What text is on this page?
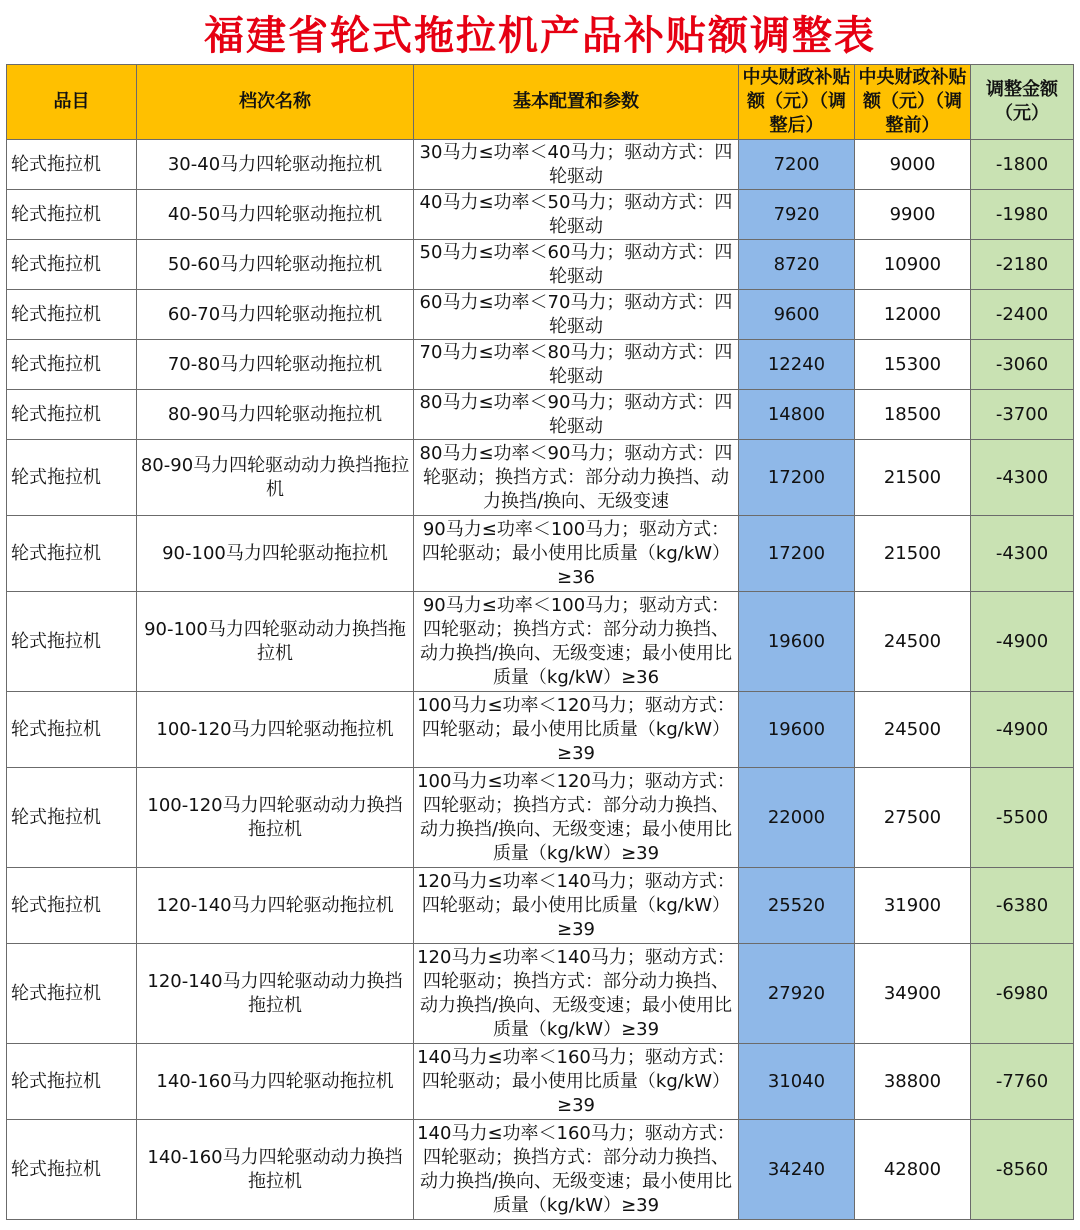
福建省轮式拖拉机产品补贴额调整表
品目	档次名称	基本配置和参数	中央财政补贴额（元）（调整后）	中央财政补贴额（元）（调整前）	调整金额（元）
轮式拖拉机	30-40马力四轮驱动拖拉机	30马力≤功率＜40马力；驱动方式：四轮驱动	7200	9000	-1800
轮式拖拉机	40-50马力四轮驱动拖拉机	40马力≤功率＜50马力；驱动方式：四轮驱动	7920	9900	-1980
轮式拖拉机	50-60马力四轮驱动拖拉机	50马力≤功率＜60马力；驱动方式：四轮驱动	8720	10900	-2180
轮式拖拉机	60-70马力四轮驱动拖拉机	60马力≤功率＜70马力；驱动方式：四轮驱动	9600	12000	-2400
轮式拖拉机	70-80马力四轮驱动拖拉机	70马力≤功率＜80马力；驱动方式：四轮驱动	12240	15300	-3060
轮式拖拉机	80-90马力四轮驱动拖拉机	80马力≤功率＜90马力；驱动方式：四轮驱动	14800	18500	-3700
轮式拖拉机	80-90马力四轮驱动动力换挡拖拉机	80马力≤功率＜90马力；驱动方式：四轮驱动；换挡方式：部分动力换挡、动力换挡/换向、无级变速	17200	21500	-4300
轮式拖拉机	90-100马力四轮驱动拖拉机	90马力≤功率＜100马力；驱动方式：四轮驱动；最小使用比质量（kg/kW）≥36	17200	21500	-4300
轮式拖拉机	90-100马力四轮驱动动力换挡拖拉机	90马力≤功率＜100马力；驱动方式：四轮驱动；换挡方式：部分动力换挡、动力换挡/换向、无级变速；最小使用比质量（kg/kW）≥36	19600	24500	-4900
轮式拖拉机	100-120马力四轮驱动拖拉机	100马力≤功率＜120马力；驱动方式：四轮驱动；最小使用比质量（kg/kW）≥39	19600	24500	-4900
轮式拖拉机	100-120马力四轮驱动动力换挡拖拉机	100马力≤功率＜120马力；驱动方式：四轮驱动；换挡方式：部分动力换挡、动力换挡/换向、无级变速；最小使用比质量（kg/kW）≥39	22000	27500	-5500
轮式拖拉机	120-140马力四轮驱动拖拉机	120马力≤功率＜140马力；驱动方式：四轮驱动；最小使用比质量（kg/kW）≥39	25520	31900	-6380
轮式拖拉机	120-140马力四轮驱动动力换挡拖拉机	120马力≤功率＜140马力；驱动方式：四轮驱动；换挡方式：部分动力换挡、动力换挡/换向、无级变速；最小使用比质量（kg/kW）≥39	27920	34900	-6980
轮式拖拉机	140-160马力四轮驱动拖拉机	140马力≤功率＜160马力；驱动方式：四轮驱动；最小使用比质量（kg/kW）≥39	31040	38800	-7760
轮式拖拉机	140-160马力四轮驱动动力换挡拖拉机	140马力≤功率＜160马力；驱动方式：四轮驱动；换挡方式：部分动力换挡、动力换挡/换向、无级变速；最小使用比质量（kg/kW）≥39	34240	42800	-8560
